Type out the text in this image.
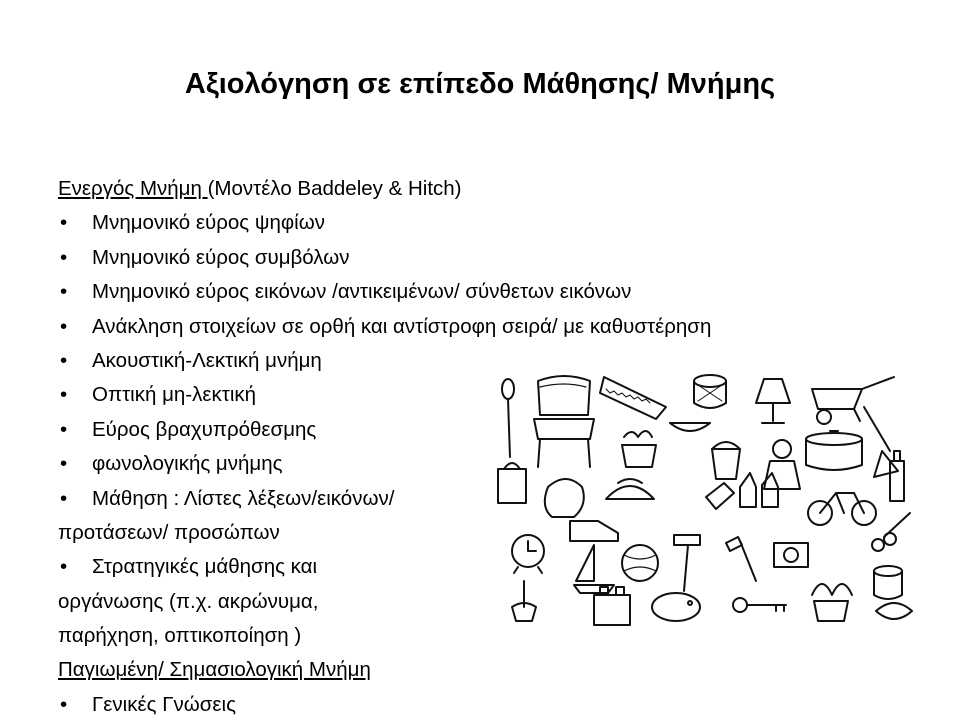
Αξιολόγηση σε επίπεδο Μάθησης/ Μνήμης
Ενεργός Μνήμη (Μοντέλο Baddeley & Hitch)
• Μνημονικό εύρος ψηφίων
• Μνημονικό εύρος συμβόλων
• Μνημονικό εύρος εικόνων /αντικειμένων/ σύνθετων εικόνων
• Ανάκληση στοιχείων σε ορθή και αντίστροφη σειρά/ με καθυστέρηση
• Ακουστική-Λεκτική μνήμη
• Οπτική μη-λεκτική
• Εύρος βραχυπρόθεσμης
• φωνολογικής μνήμης
• Μάθηση : Λίστες λέξεων/εικόνων/
προτάσεων/ προσώπων
• Στρατηγικές μάθησης και
οργάνωσης (π.χ. ακρώνυμα,
παρήχηση, οπτικοποίηση )
Παγιωμένη/ Σημασιολογική Μνήμη
• Γενικές Γνώσεις
